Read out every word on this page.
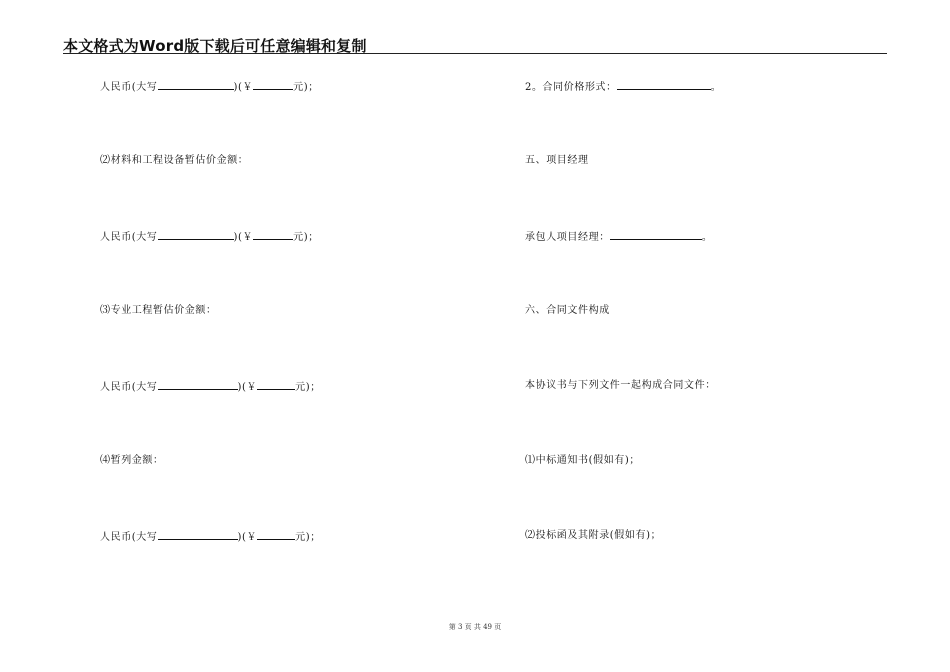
本文格式为Word版下载后可任意编辑和复制
人民币(大写	)(￥	元)；
⑵材料和工程设备暂估价金额：
人民币(大写	)(￥	元)；
⑶专业工程暂估价金额：
人民币(大写	)(￥	元)；
⑷暂列金额：
人民币(大写	)(￥	元)；
2。合同价格形式：	。
五、项目经理
承包人项目经理：	。
六、合同文件构成
本协议书与下列文件一起构成合同文件：
⑴中标通知书(假如有)；
⑵投标函及其附录(假如有)；
第 3 页 共 49 页
